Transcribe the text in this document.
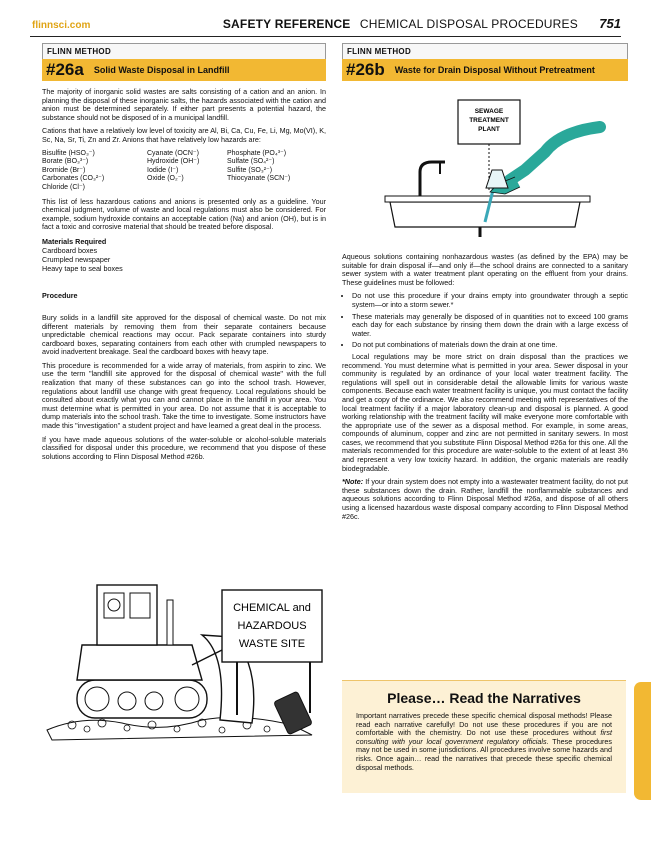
flinnsci.com	SAFETY REFERENCE CHEMICAL DISPOSAL PROCEDURES 751
FLINN METHOD
#26a Solid Waste Disposal in Landfill

The majority of inorganic solid wastes are salts consisting of a cation and an anion. In planning the disposal of these inorganic salts, the hazards associated with the cation and anion must be determined separately. If either part presents a potential hazard, the substance should not be disposed of in a municipal landfill.

Cations that have a relatively low level of toxicity are Al, Bi, Ca, Cu, Fe, Li, Mg, Mo(VI), K, Sc, Na, Sr, Ti, Zn and Zr. Anions that have relatively low hazards are:

Bisulfite (HSO₃⁻)	Cyanate (OCN⁻)	Phosphate (PO₄³⁻)
Borate (BO₃³⁻)	Hydroxide (OH⁻)	Sulfate (SO₄²⁻)
Bromide (Br⁻)	Iodide (I⁻)	Sulfite (SO₃²⁻)
Carbonates (CO₃²⁻)	Oxide (O₂⁻)	Thiocyanate (SCN⁻)
Chloride (Cl⁻)

This list of less hazardous cations and anions is presented only as a guideline. Your chemical judgment, volume of waste and local regulations must also be considered. For example, sodium hydroxide contains an acceptable cation (Na) and anion (OH), but is in fact a toxic and corrosive material that should be treated before disposal.

Materials Required
Cardboard boxes
Crumpled newspaper
Heavy tape to seal boxes
Procedure

Bury solids in a landfill site approved for the disposal of chemical waste. Do not mix different materials by removing them from their separate containers because unpredictable chemical reactions may occur. Pack separate containers into sturdy cardboard boxes, separating containers from each other with crumpled newspapers to avoid inadvertent breakage. Seal the cardboard boxes with heavy tape.

This procedure is recommended for a wide array of materials, from aspirin to zinc. We use the term "landfill site approved for the disposal of chemical waste" with the full realization that many of these substances can go into the school trash. However, regulations about landfill use change with great frequency. Local regulations should be consulted about exactly what you can and cannot place in the landfill in your area. You must determine what is permitted in your area. Do not assume that it is acceptable to dump materials into the school trash. Take the time to investigate. Some instructors have made this "investigation" a student project and have learned a great deal in the process.

If you have made aqueous solutions of the water-soluble or alcohol-soluble materials classified for disposal under this procedure, we recommend that you dispose of these solutions according to Flinn Disposal Method #26b.

CHEMICAL and
HAZARDOUS
WASTE SITE
FLINN METHOD
#26b Waste for Drain Disposal Without Pretreatment

Aqueous solutions containing nonhazardous wastes (as defined by the EPA) may be suitable for drain disposal if—and only if—the school drains are connected to a sanitary sewer system with a water treatment plant operating on the effluent from your drains. These guidelines must be followed:

• Do not use this procedure if your drains empty into groundwater through a septic system—or into a storm sewer.*
• These materials may generally be disposed of in quantities not to exceed 100 grams each day for each substance by rinsing them down the drain with a large excess of water.
• Do not put combinations of materials down the drain at one time.

Local regulations may be more strict on drain disposal than the practices we recommend. You must determine what is permitted in your area. Sewer disposal in your community is regulated by an ordinance of your local water treatment facility. The regulations will spell out in considerable detail the allowable limits for various waste components. Because each water treatment facility is unique, you must contact the facility and get a copy of the ordinance. We also recommend meeting with representatives of the local treatment facility if a major laboratory clean-up and disposal is planned. A good working relationship with the treatment facility will make everyone more comfortable with the appropriate use of the sewer as a disposal method. For example, in some areas, compounds of aluminum, copper and zinc are not permitted in sanitary sewers. In most cases, we recommend that you substitute Flinn Disposal Method #26a for this one. All the materials recommended for this procedure are water-soluble to the extent of at least 3% and represent a very low toxicity hazard. In addition, the organic materials are readily biodegradable.

*Note: If your drain system does not empty into a wastewater treatment facility, do not put these substances down the drain. Rather, landfill the nonflammable substances and aqueous solutions according to Flinn Disposal Method #26a, and dispose of all others using a licensed hazardous waste disposal company according to Flinn Disposal Method #26c.

SEWAGE
TREATMENT
PLANT
Please… Read the Narratives

Important narratives precede these specific chemical disposal methods! Please read each narrative carefully! Do not use these procedures if you are not comfortable with the chemistry. Do not use these procedures without first consulting with your local government regulatory officials. These procedures may not be used in some jurisdictions. All procedures involve some hazards and risks. Once again… read the narratives that precede these specific chemical disposal methods.
